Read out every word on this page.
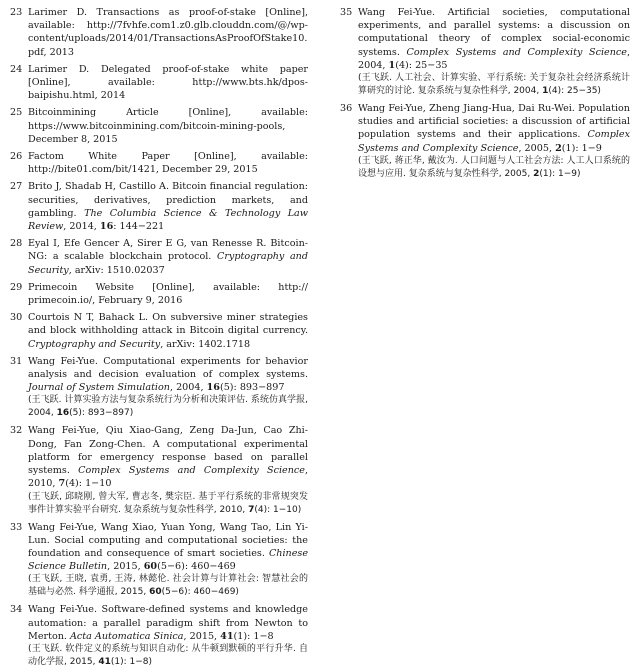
23 Larimer D. Transactions as proof-of-stake [Online], available: http://7fvhfe.com1.z0.glb.clouddn.com/@/wp-content/uploads/2014/01/TransactionsAsProofOfStake10.pdf, 2013
24 Larimer D. Delegated proof-of-stake white paper [Online], available: http://www.bts.hk/dpos-baipishu.html, 2014
25 Bitcoinmining Article [Online], available: https://www.bitcoinmining.com/bitcoin-mining-pools, December 8, 2015
26 Factom White Paper [Online], available: http://bite01.com/bit/1421, December 29, 2015
27 Brito J, Shadab H, Castillo A. Bitcoin financial regulation: securities, derivatives, prediction markets, and gambling. The Columbia Science & Technology Law Review, 2014, 16: 144−221
28 Eyal I, Efe Gencer A, Sirer E G, van Renesse R. Bitcoin-NG: a scalable blockchain protocol. Cryptography and Security, arXiv: 1510.02037
29 Primecoin Website [Online], available: http:// primecoin.io/, February 9, 2016
30 Courtois N T, Bahack L. On subversive miner strategies and block withholding attack in Bitcoin digital currency. Cryptography and Security, arXiv: 1402.1718
31 Wang Fei-Yue. Computational experiments for behavior analysis and decision evaluation of complex systems. Journal of System Simulation, 2004, 16(5): 893−897
(王飞跃. 计算实验方法与复杂系统行为分析和决策评估. 系统仿真学报, 2004, 16(5): 893−897)
32 Wang Fei-Yue, Qiu Xiao-Gang, Zeng Da-Jun, Cao Zhi-Dong, Fan Zong-Chen. A computational experimental platform for emergency response based on parallel systems. Complex Systems and Complexity Science, 2010, 7(4): 1−10
(王飞跃, 邱晓刚, 曾大军, 曹志冬, 樊宗臣. 基于平行系统的非常规突发事件计算实验平台研究. 复杂系统与复杂性科学, 2010, 7(4): 1−10)
33 Wang Fei-Yue, Wang Xiao, Yuan Yong, Wang Tao, Lin Yi-Lun. Social computing and computational societies: the foundation and consequence of smart societies. Chinese Science Bulletin, 2015, 60(5−6): 460−469
(王飞跃, 王晓, 袁勇, 王涛, 林懿伦. 社会计算与计算社会: 智慧社会的基础与必然. 科学通报, 2015, 60(5−6): 460−469)
34 Wang Fei-Yue. Software-defined systems and knowledge automation: a parallel paradigm shift from Newton to Merton. Acta Automatica Sinica, 2015, 41(1): 1−8
(王飞跃. 软件定义的系统与知识自动化: 从牛顿到默顿的平行升华. 自动化学报, 2015, 41(1): 1−8)
35 Wang Fei-Yue. Artificial societies, computational experiments, and parallel systems: a discussion on computational theory of complex social-economic systems. Complex Systems and Complexity Science, 2004, 1(4): 25−35
(王飞跃. 人工社会、计算实验、平行系统: 关于复杂社会经济系统计算研究的讨论. 复杂系统与复杂性科学, 2004, 1(4): 25−35)
36 Wang Fei-Yue, Zheng Jiang-Hua, Dai Ru-Wei. Population studies and artificial societies: a discussion of artificial population systems and their applications. Complex Systems and Complexity Science, 2005, 2(1): 1−9
(王飞跃, 蒋正华, 戴汝为. 人口问题与人工社会方法: 人工人口系统的设想与应用. 复杂系统与复杂性科学, 2005, 2(1): 1−9)
